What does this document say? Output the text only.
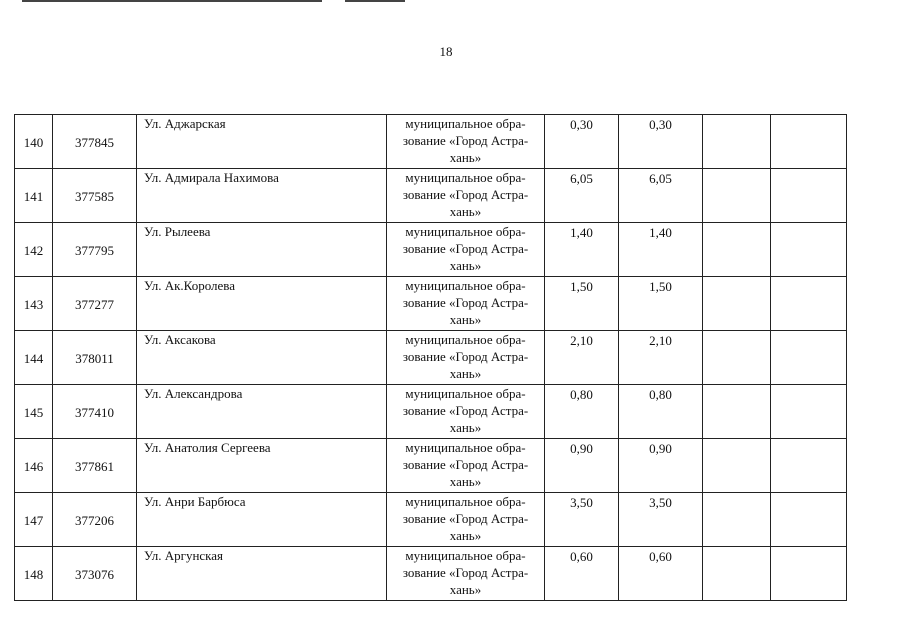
18
140	377845	Ул. Аджарская	муниципальное обра-
зование «Город Астра-
хань»	0,30	0,30		
141	377585	Ул. Адмирала Нахимова	муниципальное обра-
зование «Город Астра-
хань»	6,05	6,05		
142	377795	Ул. Рылеева	муниципальное обра-
зование «Город Астра-
хань»	1,40	1,40		
143	377277	Ул. Ак.Королева	муниципальное обра-
зование «Город Астра-
хань»	1,50	1,50		
144	378011	Ул. Аксакова	муниципальное обра-
зование «Город Астра-
хань»	2,10	2,10		
145	377410	Ул. Александрова	муниципальное обра-
зование «Город Астра-
хань»	0,80	0,80		
146	377861	Ул. Анатолия Сергеева	муниципальное обра-
зование «Город Астра-
хань»	0,90	0,90		
147	377206	Ул. Анри Барбюса	муниципальное обра-
зование «Город Астра-
хань»	3,50	3,50		
148	373076	Ул. Аргунская	муниципальное обра-
зование «Город Астра-
хань»	0,60	0,60		
